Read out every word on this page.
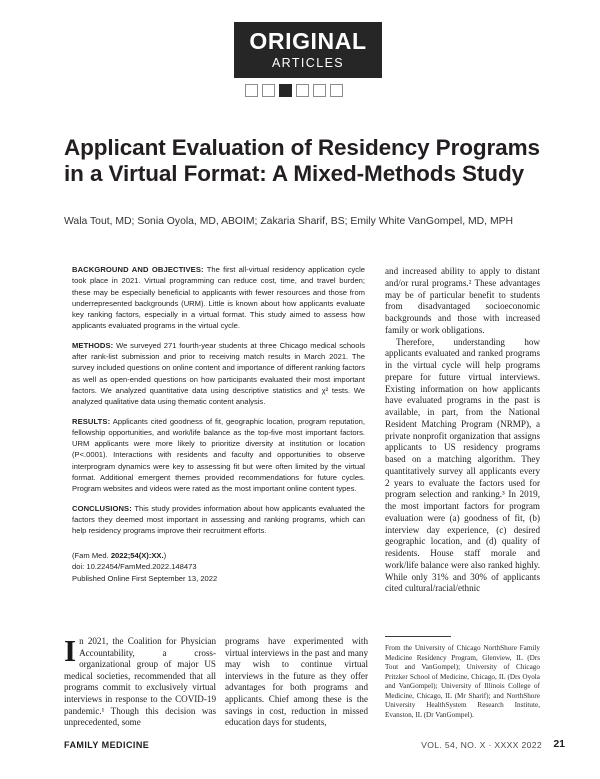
ORIGINAL
ARTICLES
Applicant Evaluation of Residency Programs in a Virtual Format: A Mixed-Methods Study
Wala Tout, MD; Sonia Oyola, MD, ABOIM; Zakaria Sharif, BS; Emily White VanGompel, MD, MPH

BACKGROUND AND OBJECTIVES: The first all-virtual residency application cycle took place in 2021. Virtual programming can reduce cost, time, and travel burden; these may be especially beneficial to applicants with fewer resources and those from underrepresented backgrounds (URM). Little is known about how applicants evaluate key ranking factors, especially in a virtual format. This study aimed to assess how applicants evaluated programs in the virtual cycle.

METHODS: We surveyed 271 fourth-year students at three Chicago medical schools after rank-list submission and prior to receiving match results in March 2021. The survey included questions on online content and importance of different ranking factors as well as open-ended questions on how participants evaluated their most important factors. We analyzed quantitative data using descriptive statistics and χ² tests. We analyzed qualitative data using thematic content analysis.

RESULTS: Applicants cited goodness of fit, geographic location, program reputation, fellowship opportunities, and work/life balance as the top-five most important factors. URM applicants were more likely to prioritize diversity at institution or location (P<.0001). Interactions with residents and faculty and opportunities to observe interprogram dynamics were key to assessing fit but were often limited by the virtual format. Additional emergent themes provided recommendations for future cycles. Program websites and videos were rated as the most important online content types.

CONCLUSIONS: This study provides information about how applicants evaluated the factors they deemed most important in assessing and ranking programs, which can help residency programs improve their recruitment efforts.

(Fam Med. 2022;54(X):XX.)
doi: 10.22454/FamMed.2022.148473
Published Online First September 13, 2022
In 2021, the Coalition for Physician Accountability, a cross-organizational group of major US medical societies, recommended that all programs commit to exclusively virtual interviews in response to the COVID-19 pandemic.¹ Though this decision was unprecedented, some
programs have experimented with virtual interviews in the past and many may wish to continue virtual interviews in the future as they offer advantages for both programs and applicants. Chief among these is the savings in cost, reduction in missed education days for students,

and increased ability to apply to distant and/or rural programs.² These advantages may be of particular benefit to students from disadvantaged socioeconomic backgrounds and those with increased family or work obligations.

Therefore, understanding how applicants evaluated and ranked programs in the virtual cycle will help programs prepare for future virtual interviews. Existing information on how applicants have evaluated programs in the past is available, in part, from the National Resident Matching Program (NRMP), a private nonprofit organization that assigns applicants to US residency programs based on a matching algorithm. They quantitatively survey all applicants every 2 years to evaluate the factors used for program selection and ranking.³ In 2019, the most important factors for program evaluation were (a) goodness of fit, (b) interview day experience, (c) desired geographic location, and (d) quality of residents. House staff morale and work/life balance were also ranked highly. While only 31% and 30% of applicants cited cultural/racial/ethnic

From the University of Chicago NorthShore Family Medicine Residency Program, Glenview, IL (Drs Tout and VanGompel); University of Chicago Pritzker School of Medicine, Chicago, IL (Drs Oyola and VanGompel); University of Illinois College of Medicine, Chicago, IL (Mr Sharif); and NorthShore University HealthSystem Research Institute, Evanston, IL (Dr VanGompel).
FAMILY MEDICINE	VOL. 54, NO. X · XXXX 2022 21
